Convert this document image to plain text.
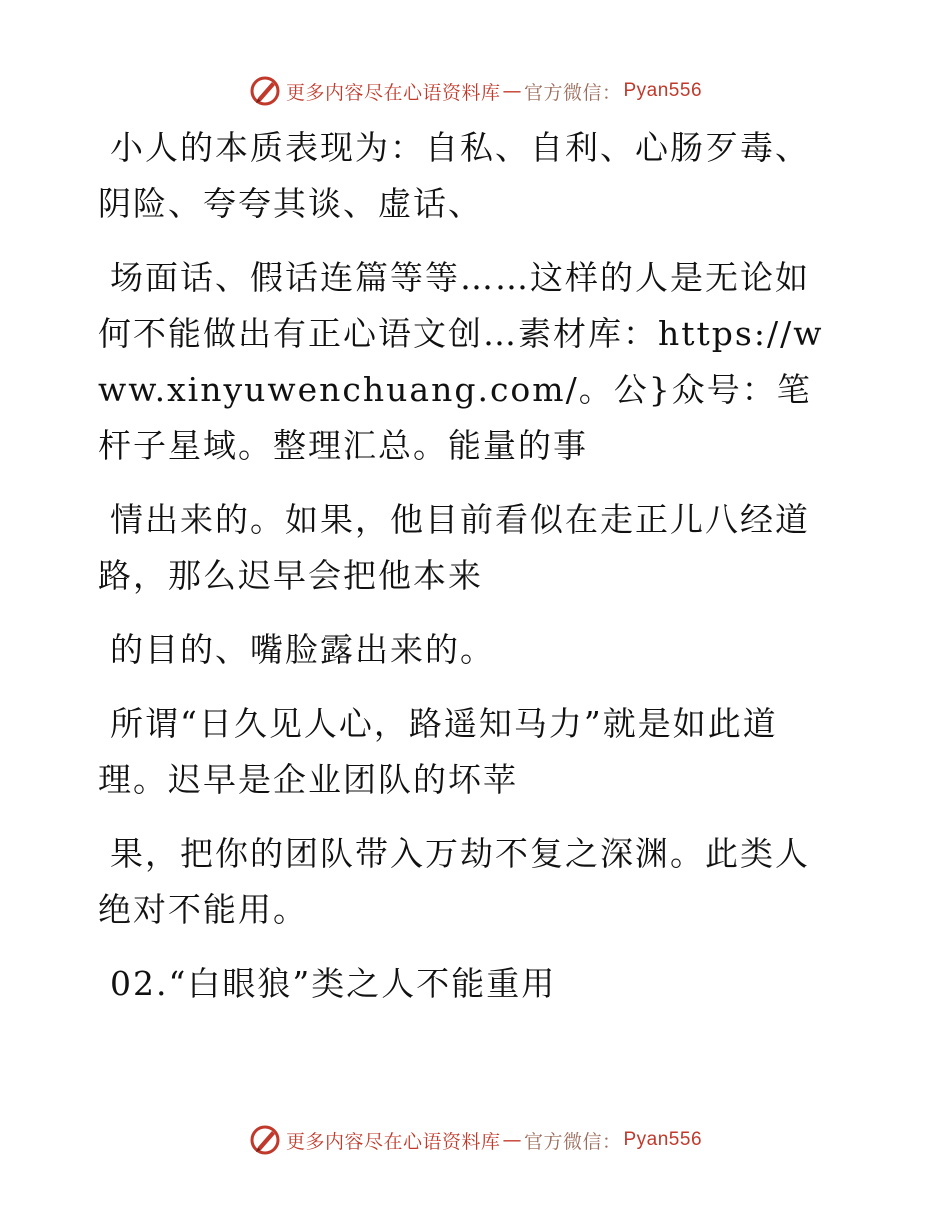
更多内容尽在心语资料库 — 官方微信： Pyan556

小人的本质表现为：自私、自利、心肠歹毒、阴险、夸夸其谈、虚话、

场面话、假话连篇等等……这样的人是无论如何不能做出有正心语文创…素材库：https://www.xinyuwenchuang.com/。公}众号：笔杆子星域。整理汇总。能量的事

情出来的。如果，他目前看似在走正儿八经道路，那么迟早会把他本来

的目的、嘴脸露出来的。

所谓“日久见人心，路遥知马力”就是如此道理。迟早是企业团队的坏苹

果，把你的团队带入万劫不复之深渊。此类人绝对不能用。

02.“白眼狼”类之人不能重用

更多内容尽在心语资料库 — 官方微信： Pyan556
